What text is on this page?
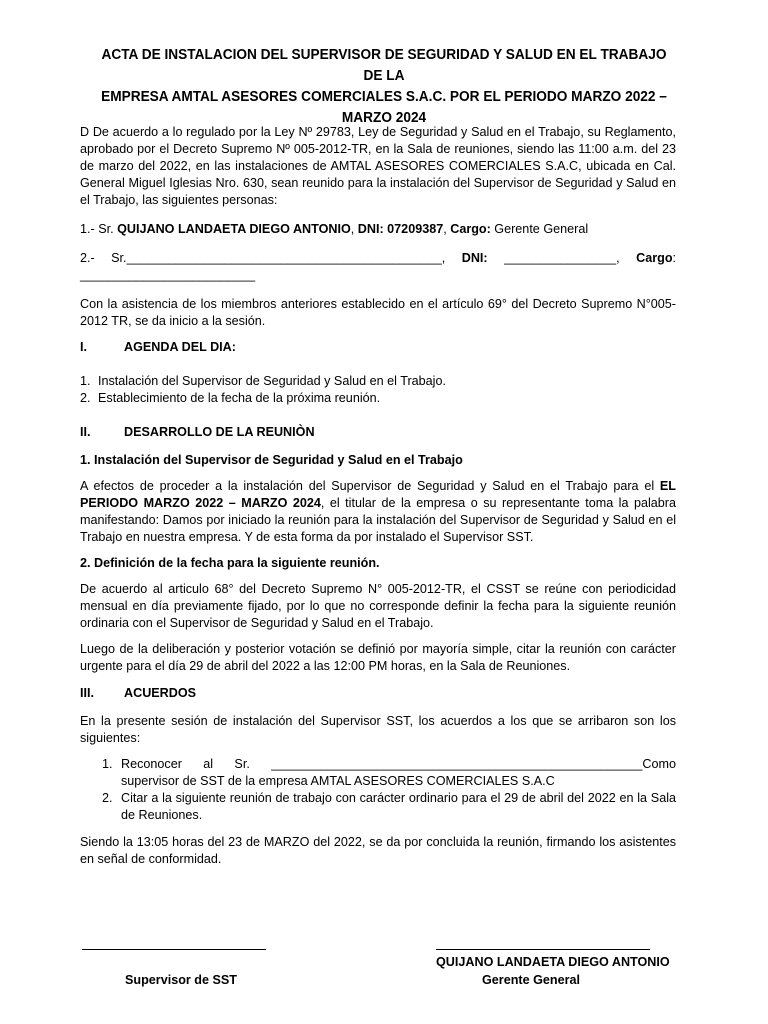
ACTA DE INSTALACION DEL SUPERVISOR DE SEGURIDAD Y SALUD EN EL TRABAJO DE LA
EMPRESA AMTAL ASESORES COMERCIALES S.A.C. POR EL PERIODO MARZO 2022 – MARZO 2024

D De acuerdo a lo regulado por la Ley Nº 29783, Ley de Seguridad y Salud en el Trabajo, su Reglamento, aprobado por el Decreto Supremo Nº 005-2012-TR, en la Sala de reuniones, siendo las 11:00 a.m. del 23 de marzo del 2022, en las instalaciones de AMTAL ASESORES COMERCIALES S.A.C, ubicada en Cal. General Miguel Iglesias Nro. 630, sean reunido para la instalación del Supervisor de Seguridad y Salud en el Trabajo, las siguientes personas:

1.- Sr. QUIJANO LANDAETA DIEGO ANTONIO, DNI: 07209387, Cargo: Gerente General

2.- Sr._____________________________________________, DNI: ________________, Cargo: _________________________

Con la asistencia de los miembros anteriores establecido en el artículo 69° del Decreto Supremo N°005-2012 TR, se da inicio a la sesión.

I.	AGENDA DEL DIA:
1. Instalación del Supervisor de Seguridad y Salud en el Trabajo.
2. Establecimiento de la fecha de la próxima reunión.
II.	DESARROLLO DE LA REUNIÒN
1. Instalación del Supervisor de Seguridad y Salud en el Trabajo

A efectos de proceder a la instalación del Supervisor de Seguridad y Salud en el Trabajo para el EL PERIODO MARZO 2022 – MARZO 2024, el titular de la empresa o su representante toma la palabra manifestando: Damos por iniciado la reunión para la instalación del Supervisor de Seguridad y Salud en el Trabajo en nuestra empresa. Y de esta forma da por instalado el Supervisor SST.

2. Definición de la fecha para la siguiente reunión.

De acuerdo al articulo 68° del Decreto Supremo N° 005-2012-TR, el CSST se reúne con periodicidad mensual en día previamente fijado, por lo que no corresponde definir la fecha para la siguiente reunión ordinaria con el Supervisor de Seguridad y Salud en el Trabajo.

Luego de la deliberación y posterior votación se definió por mayoría simple, citar la reunión con carácter urgente para el día 29 de abril del 2022 a las 12:00 PM horas, en la Sala de Reuniones.

III.	ACUERDOS

En la presente sesión de instalación del Supervisor SST, los acuerdos a los que se arribaron son los siguientes:

1. Reconocer al Sr. _____________________________________________________Como supervisor de SST de la empresa AMTAL ASESORES COMERCIALES S.A.C

2. Citar a la siguiente reunión de trabajo con carácter ordinario para el 29 de abril del 2022 en la Sala de Reuniones.

Siendo la 13:05 horas del 23 de MARZO del 2022, se da por concluida la reunión, firmando los asistentes en señal de conformidad.

QUIJANO LANDAETA DIEGO ANTONIO
Supervisor de SST	Gerente General
